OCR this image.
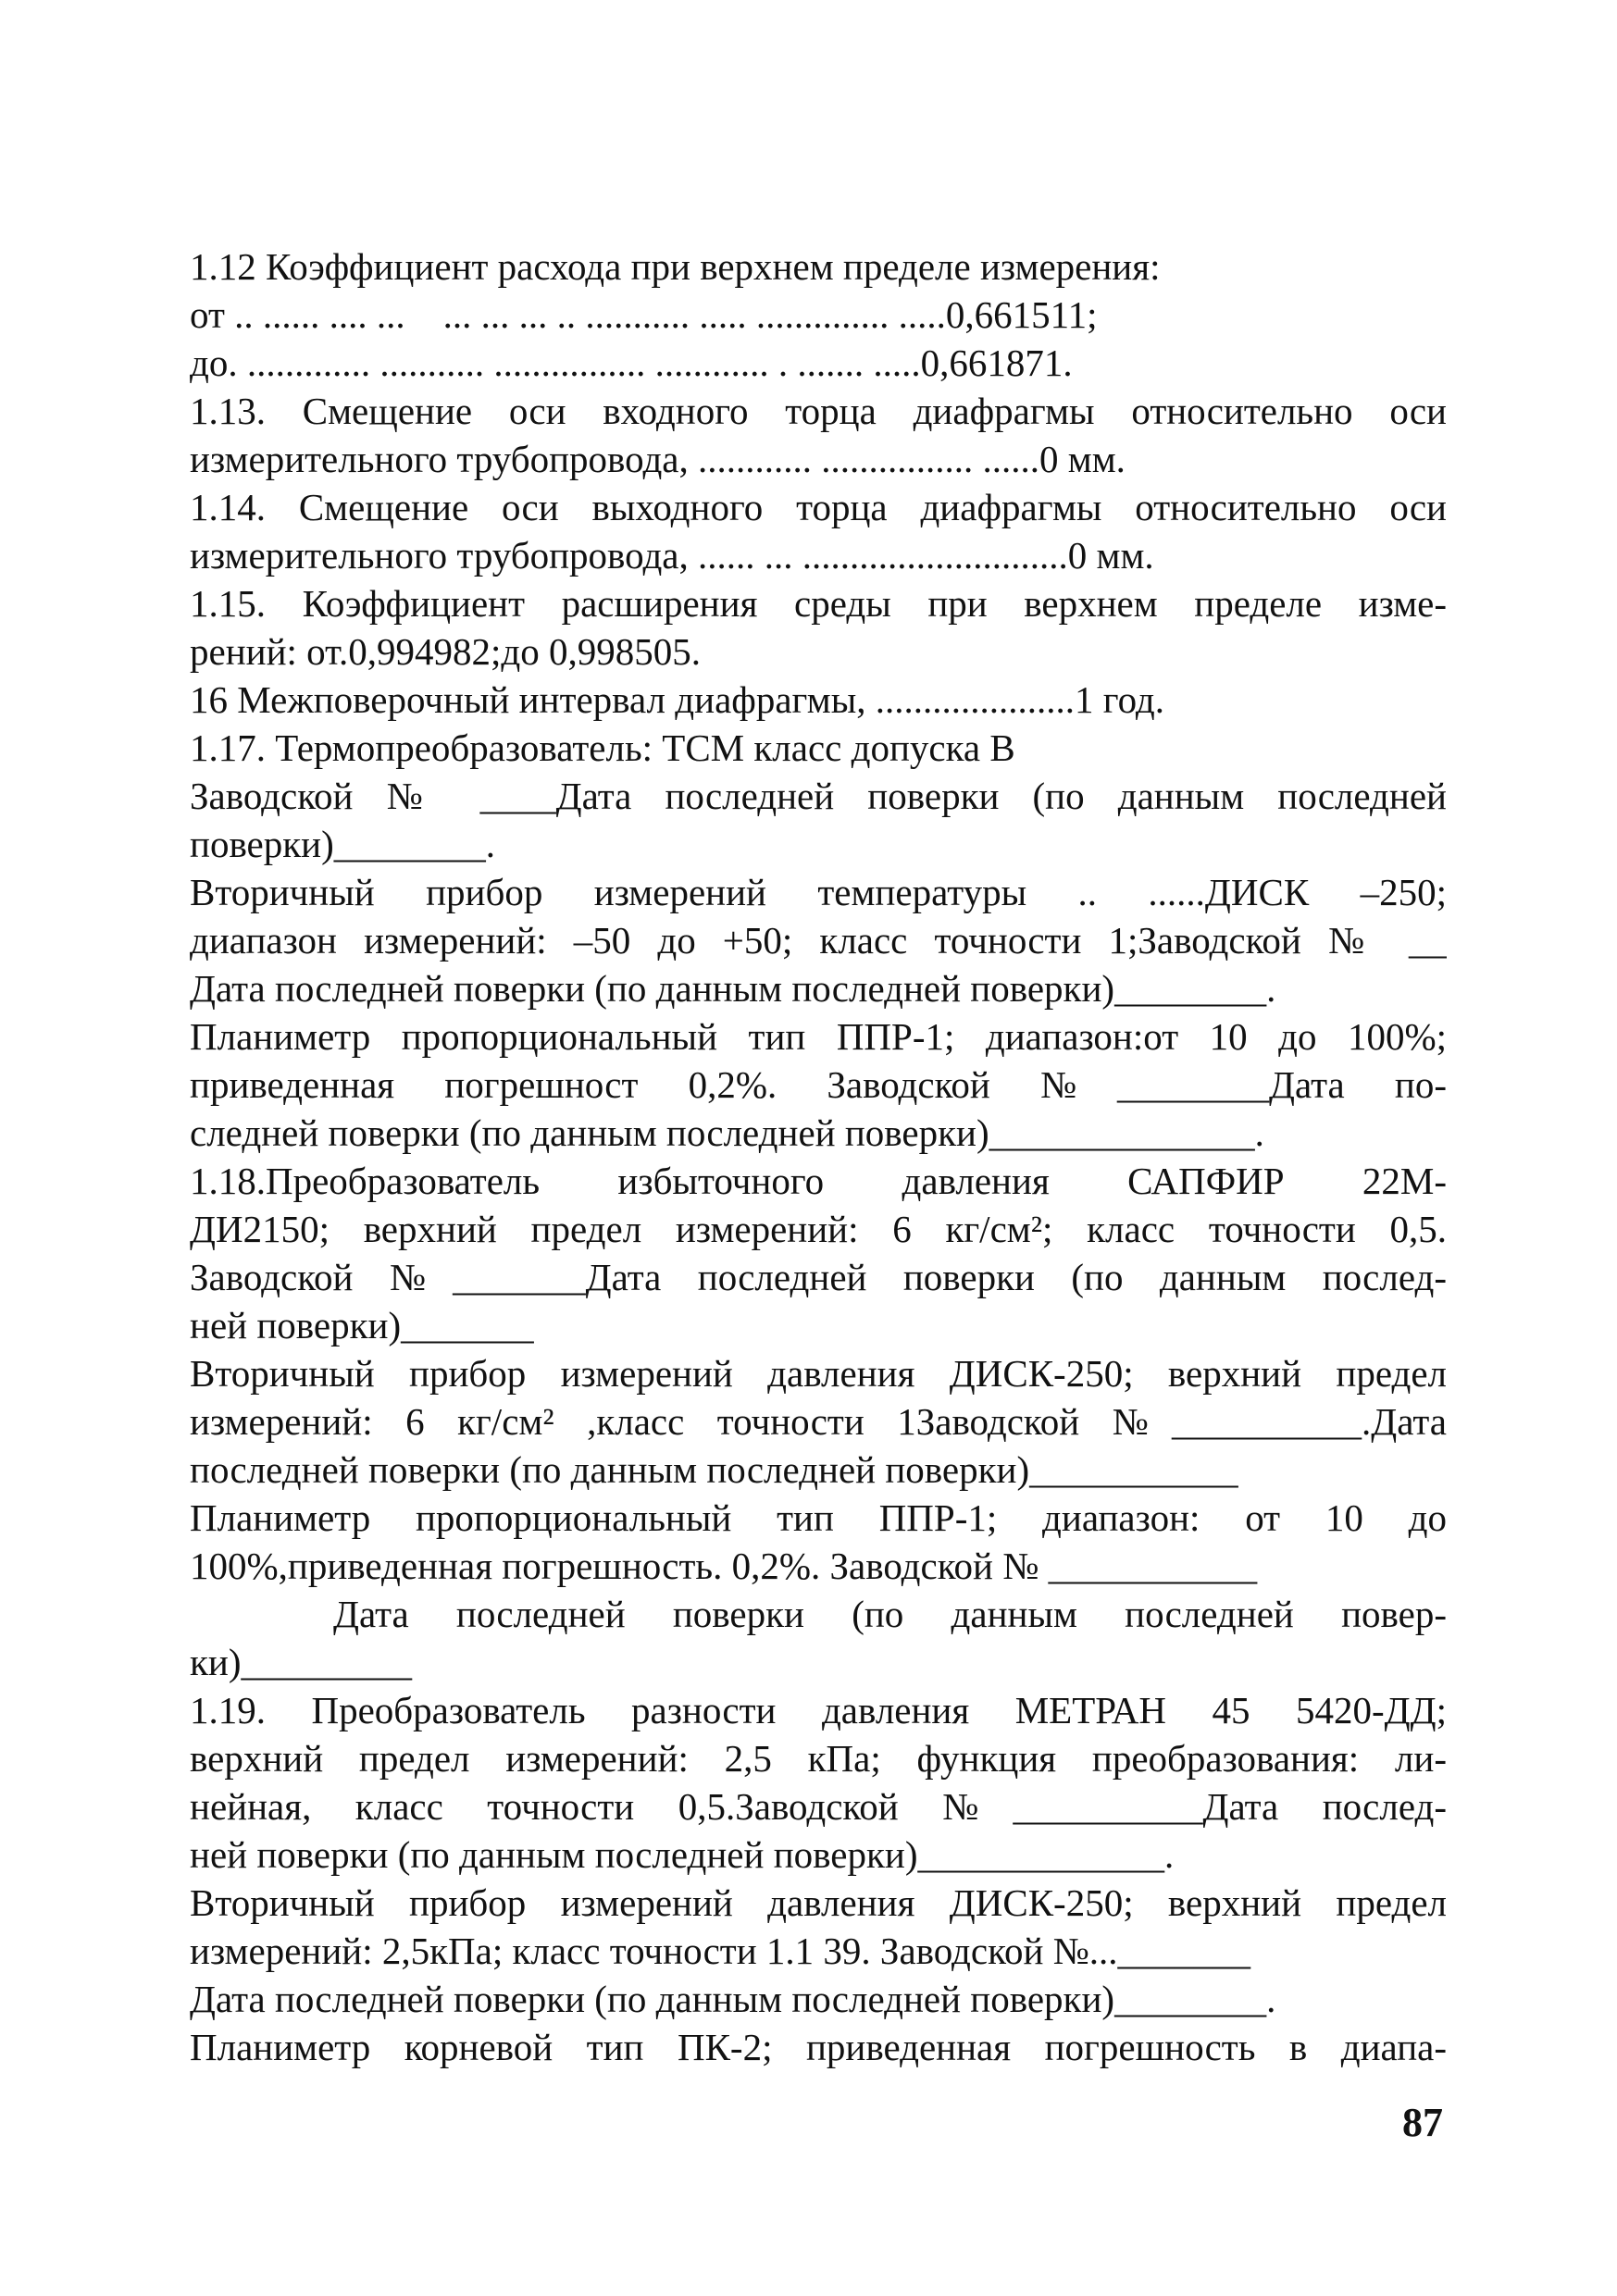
1.12 Коэффициент расхода при верхнем пределе измерения:
от .. ...... .... ...    ... ... ... .. ........... ..... .............. .....0,661511;
до. ............. ........... ................ ............ . ....... .....0,661871.
1.13. Смещение оси входного торца диафрагмы относительно оси
измерительного трубопровода, ............ ................ ......0 мм.
1.14. Смещение оси выходного торца диафрагмы относительно оси
измерительного трубопровода, ...... ... ............................0 мм.
1.15. Коэффициент расширения среды при верхнем пределе изме-
рений: от.0,994982;до 0,998505.
16 Межповерочный интервал диафрагмы, .....................1 год.
1.17. Термопреобразователь: ТСМ класс допуска В
Заводской № ____Дата последней поверки (по данным последней
поверки)________.
Вторичный прибор измерений температуры .. ......ДИСК –250;
диапазон измерений: –50 до +50; класс точности 1;Заводской № __
Дата последней поверки (по данным последней поверки)________.
Планиметр пропорциональный тип ППР-1; диапазон:от 10 до 100%;
приведенная погрешност 0,2%. Заводской №________Дата по-
следней поверки (по данным последней поверки)______________.
1.18.Преобразователь избыточного давления САПФИР 22М-
ДИ2150; верхний предел измерений: 6 кг/см²; класс точности 0,5.
Заводской №_______Дата последней поверки (по данным послед-
ней поверки)_______
Вторичный прибор измерений давления ДИСК-250; верхний предел
измерений: 6 кг/см² ,класс точности 1Заводской №__________.Дата
последней поверки (по данным последней поверки)___________
Планиметр пропорциональный тип ППР-1; диапазон: от 10 до
100%,приведенная погрешность. 0,2%. Заводской № ___________
Дата последней поверки (по данным последней повер-
ки)_________
1.19. Преобразователь разности давления МЕТРАН 45 5420-ДД;
верхний предел измерений: 2,5 кПа; функция преобразования: ли-
нейная, класс точности 0,5.Заводской №__________Дата послед-
ней поверки (по данным последней поверки)_____________.
Вторичный прибор измерений давления ДИСК-250; верхний предел
измерений: 2,5кПа; класс точности 1.1 39. Заводской №..._______
Дата последней поверки (по данным последней поверки)________.
Планиметр корневой тип ПК-2; приведенная погрешность в диапа-
87
